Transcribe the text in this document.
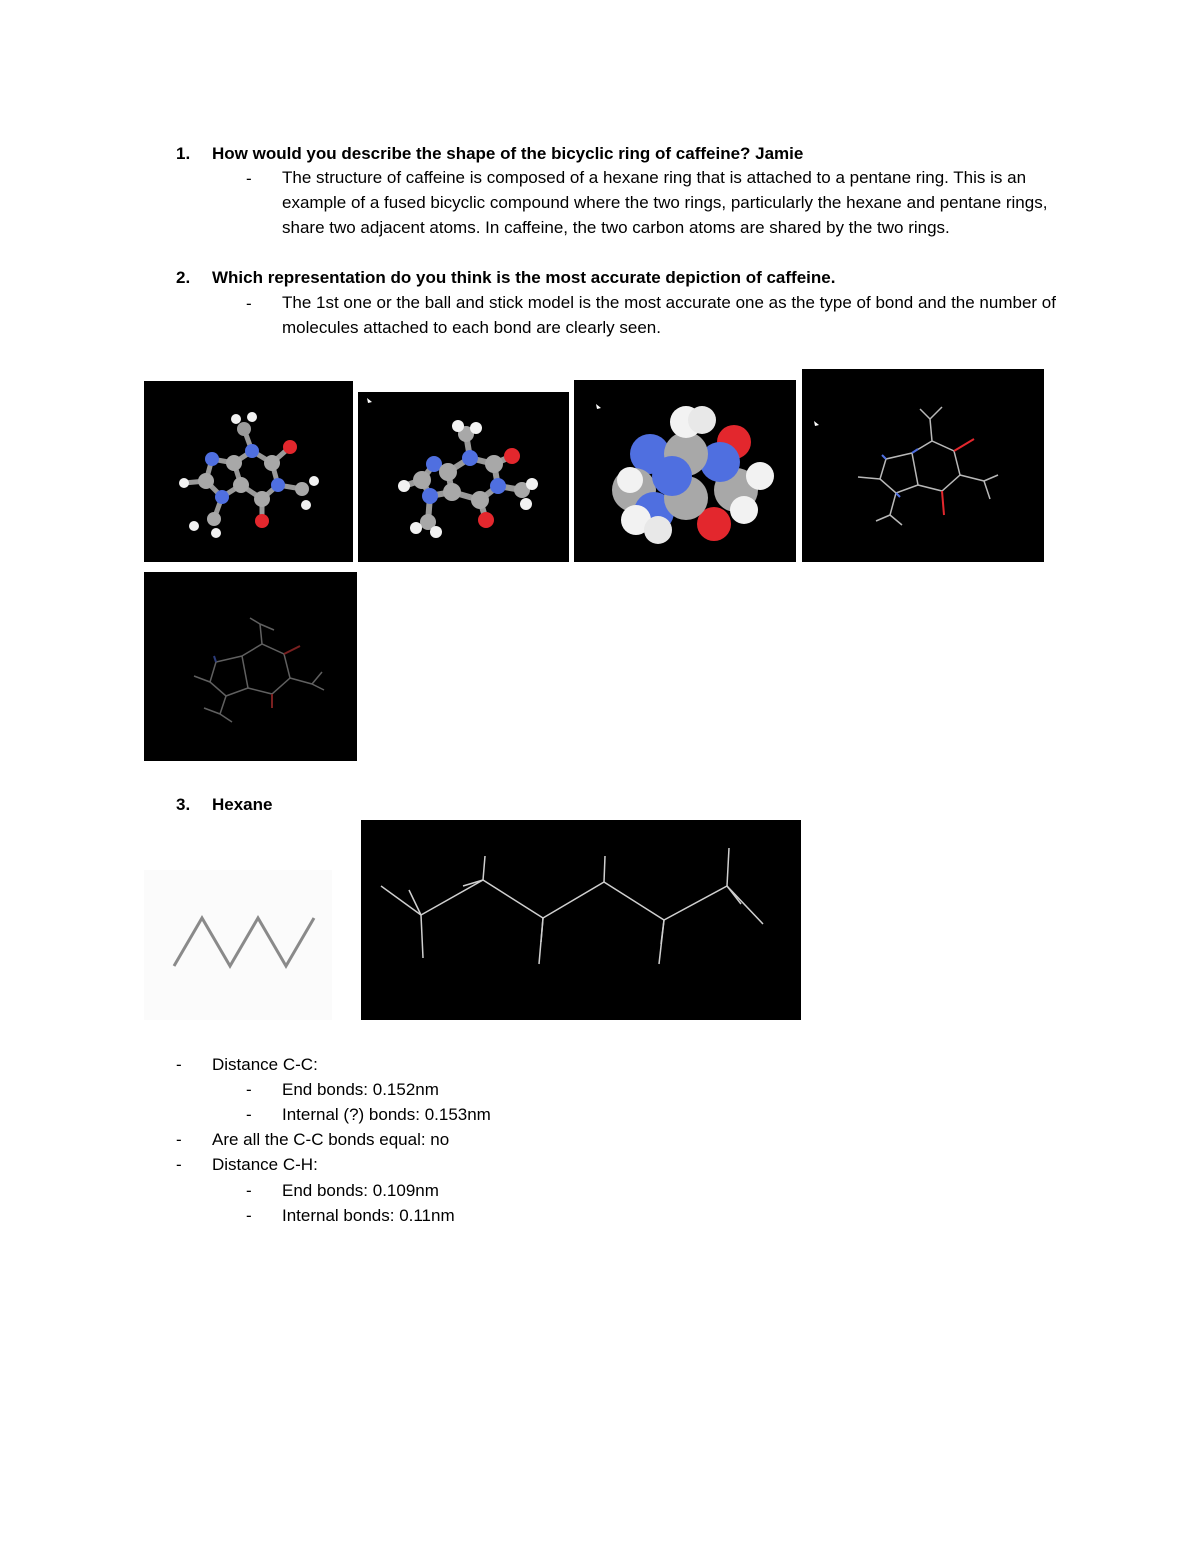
1. How would you describe the shape of the bicyclic ring of caffeine? Jamie
- The structure of caffeine is composed of a hexane ring that is attached to a pentane ring. This is an example of a fused bicyclic compound where the two rings, particularly the hexane and pentane rings, share two adjacent atoms. In caffeine, the two carbon atoms are shared by the two rings.
2. Which representation do you think is the most accurate depiction of caffeine.
- The 1st one or the ball and stick model is the most accurate one as the type of bond and the number of molecules attached to each bond are clearly seen.
3. Hexane
- Distance C-C:
- End bonds: 0.152nm
- Internal (?) bonds: 0.153nm
- Are all the C-C bonds equal: no
- Distance C-H:
- End bonds: 0.109nm
- Internal bonds: 0.11nm
